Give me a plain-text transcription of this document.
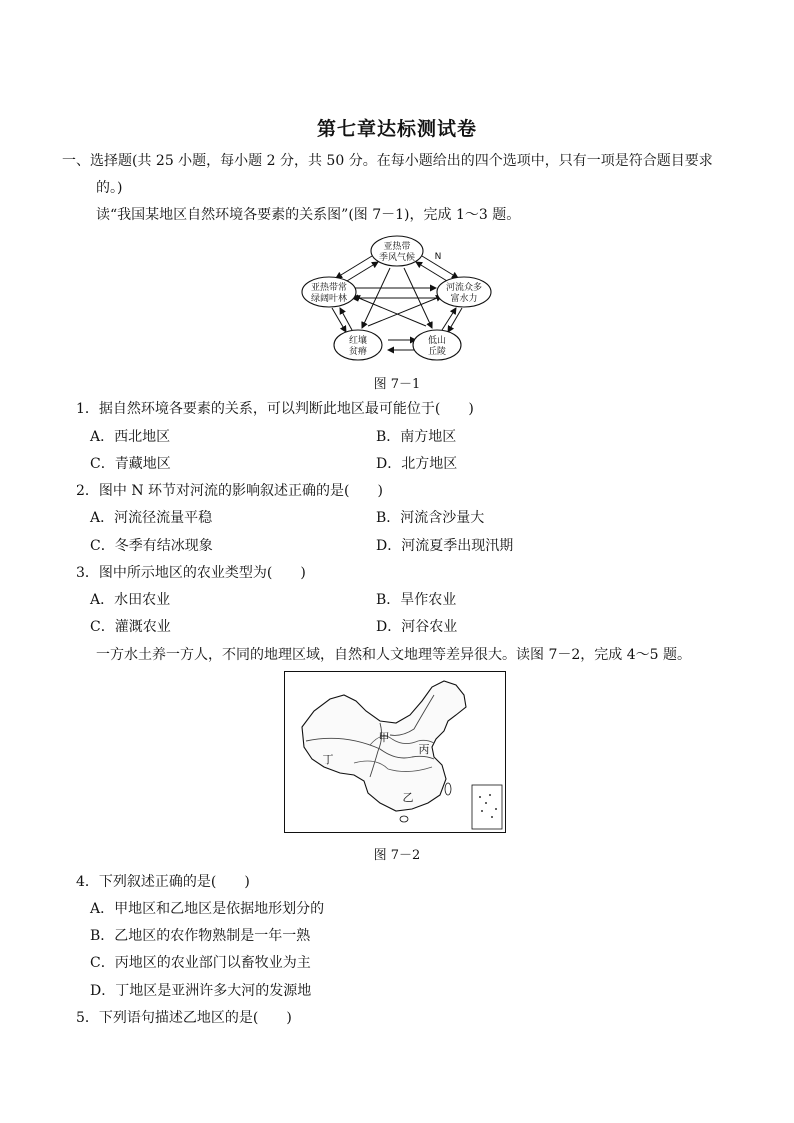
第七章达标测试卷
一、选择题(共 25 小题，每小题 2 分，共 50 分。在每小题给出的四个选项中，只有一项是符合题目要求
的。)
读“我国某地区自然环境各要素的关系图”(图 7－1)，完成 1～3 题。
亚热带
季风气候
亚热带常
绿阔叶林
河流众多
富水力
红壤
贫瘠
低山
丘陵
N
图 7－1
1．据自然环境各要素的关系，可以判断此地区最可能位于(　　)
A．西北地区	B．南方地区
C．青藏地区	D．北方地区
2．图中 N 环节对河流的影响叙述正确的是(　　)
A．河流径流量平稳	B．河流含沙量大
C．冬季有结冰现象	D．河流夏季出现汛期
3．图中所示地区的农业类型为(　　)
A．水田农业	B．旱作农业
C．灌溉农业	D．河谷农业
一方水土养一方人，不同的地理区域，自然和人文地理等差异很大。读图 7－2，完成 4～5 题。
甲
乙
丙
丁
图 7－2
4．下列叙述正确的是(　　)
A．甲地区和乙地区是依据地形划分的
B．乙地区的农作物熟制是一年一熟
C．丙地区的农业部门以畜牧业为主
D．丁地区是亚洲许多大河的发源地
5．下列语句描述乙地区的是(　　)
